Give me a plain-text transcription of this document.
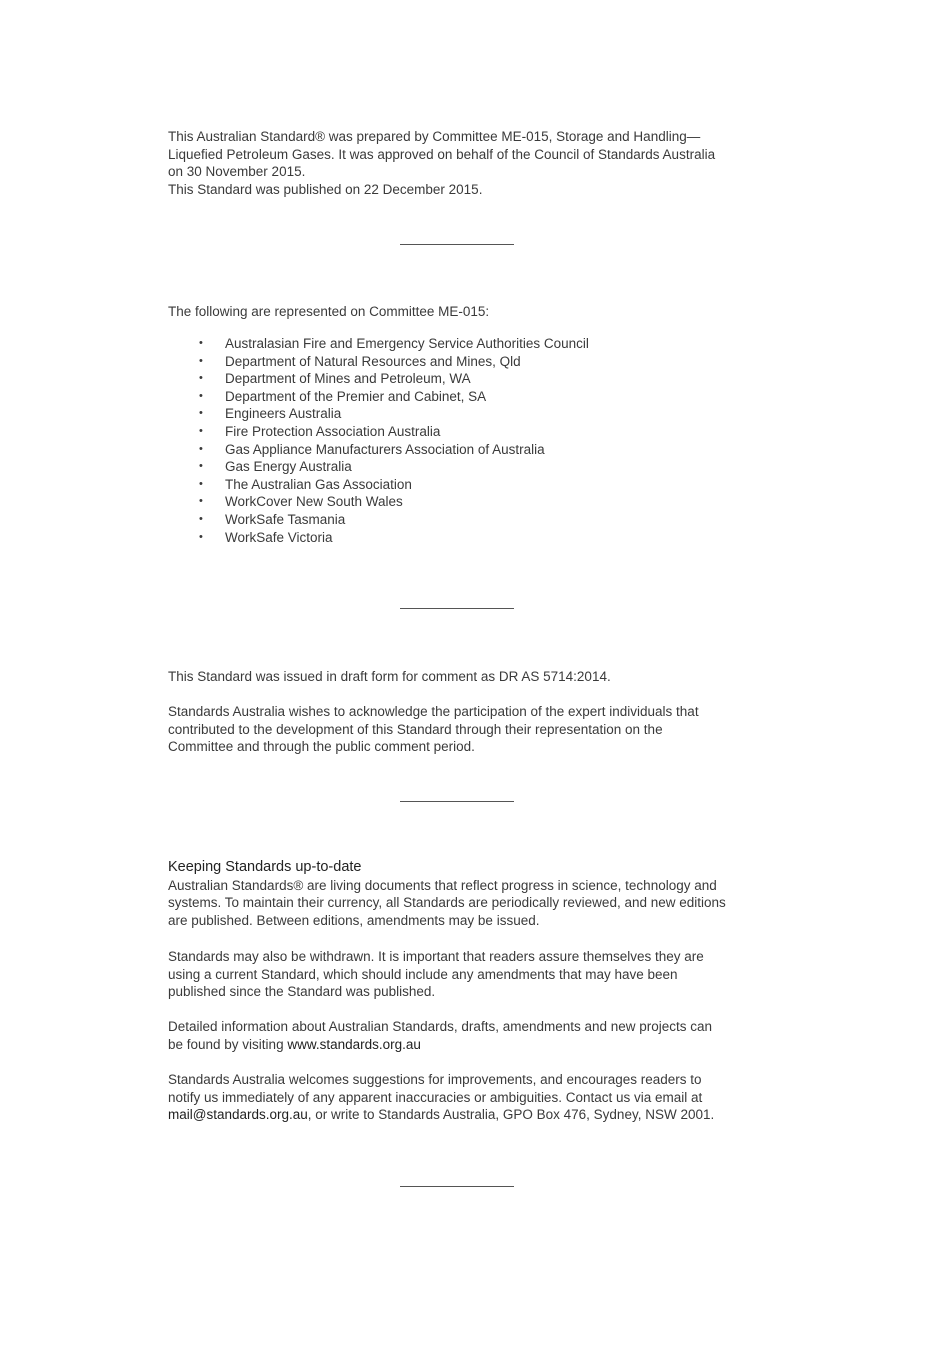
This Australian Standard® was prepared by Committee ME-015, Storage and Handling—

Liquefied Petroleum Gases. It was approved on behalf of the Council of Standards Australia

on 30 November 2015.

This Standard was published on 22 December 2015.

The following are represented on Committee ME-015:

• Australasian Fire and Emergency Service Authorities Council
• Department of Natural Resources and Mines, Qld
• Department of Mines and Petroleum, WA
• Department of the Premier and Cabinet, SA
• Engineers Australia
• Fire Protection Association Australia
• Gas Appliance Manufacturers Association of Australia
• Gas Energy Australia
• The Australian Gas Association
• WorkCover New South Wales
• WorkSafe Tasmania
• WorkSafe Victoria

This Standard was issued in draft form for comment as DR AS 5714:2014.

Standards Australia wishes to acknowledge the participation of the expert individuals that

contributed to the development of this Standard through their representation on the

Committee and through the public comment period.

Keeping Standards up-to-date

Australian Standards® are living documents that reflect progress in science, technology and

systems. To maintain their currency, all Standards are periodically reviewed, and new editions

are published. Between editions, amendments may be issued.

Standards may also be withdrawn. It is important that readers assure themselves they are

using a current Standard, which should include any amendments that may have been

published since the Standard was published.

Detailed information about Australian Standards, drafts, amendments and new projects can

be found by visiting www.standards.org.au

Standards Australia welcomes suggestions for improvements, and encourages readers to

notify us immediately of any apparent inaccuracies or ambiguities. Contact us via email at

mail@standards.org.au, or write to Standards Australia, GPO Box 476, Sydney, NSW 2001.
